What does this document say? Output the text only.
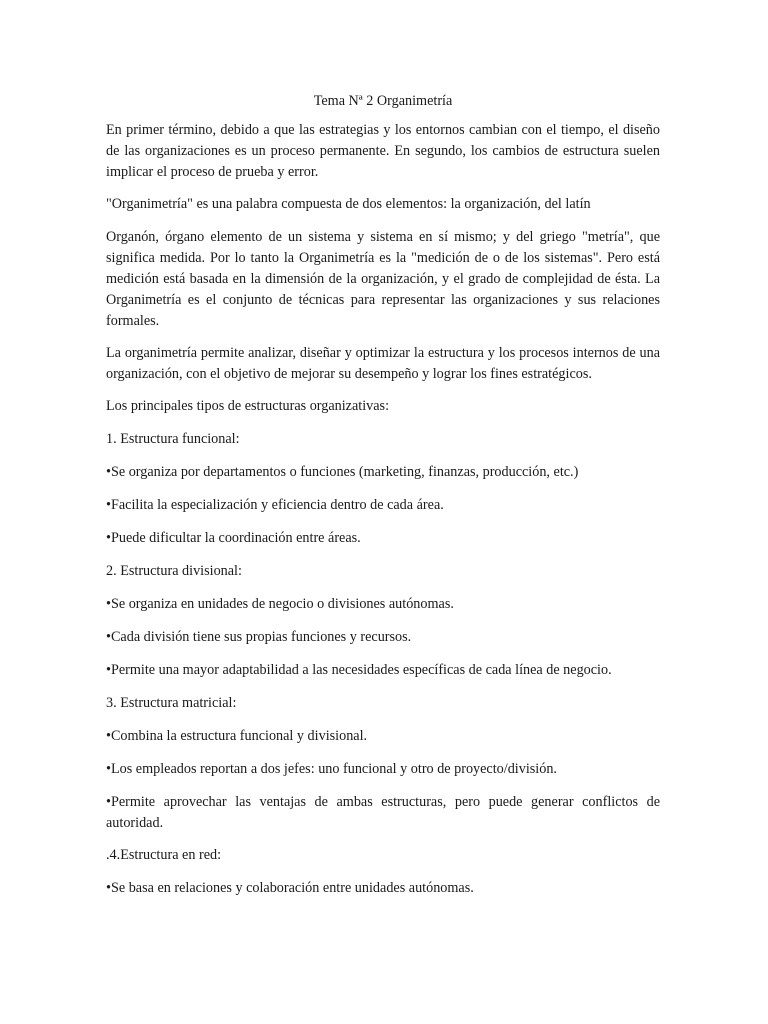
Tema Nª 2 Organimetría

En primer término, debido a que las estrategias y los entornos cambian con el tiempo, el diseño de las organizaciones es un proceso permanente. En segundo, los cambios de estructura suelen implicar el proceso de prueba y error.

"Organimetría" es una palabra compuesta de dos elementos: la organización, del latín

Organón, órgano elemento de un sistema y sistema en sí mismo; y del griego "metría", que significa medida. Por lo tanto la Organimetría es la "medición de o de los sistemas". Pero está medición está basada en la dimensión de la organización, y el grado de complejidad de ésta. La Organimetría es el conjunto de técnicas para representar las organizaciones y sus relaciones formales.

La organimetría permite analizar, diseñar y optimizar la estructura y los procesos internos de una organización, con el objetivo de mejorar su desempeño y lograr los fines estratégicos.

Los principales tipos de estructuras organizativas:

1. Estructura funcional:

•Se organiza por departamentos o funciones (marketing, finanzas, producción, etc.)

•Facilita la especialización y eficiencia dentro de cada área.

•Puede dificultar la coordinación entre áreas.

2. Estructura divisional:

•Se organiza en unidades de negocio o divisiones autónomas.

•Cada división tiene sus propias funciones y recursos.

•Permite una mayor adaptabilidad a las necesidades específicas de cada línea de negocio.

3. Estructura matricial:

•Combina la estructura funcional y divisional.

•Los empleados reportan a dos jefes: uno funcional y otro de proyecto/división.

•Permite aprovechar las ventajas de ambas estructuras, pero puede generar conflictos de autoridad.

.4.Estructura en red:

•Se basa en relaciones y colaboración entre unidades autónomas.
